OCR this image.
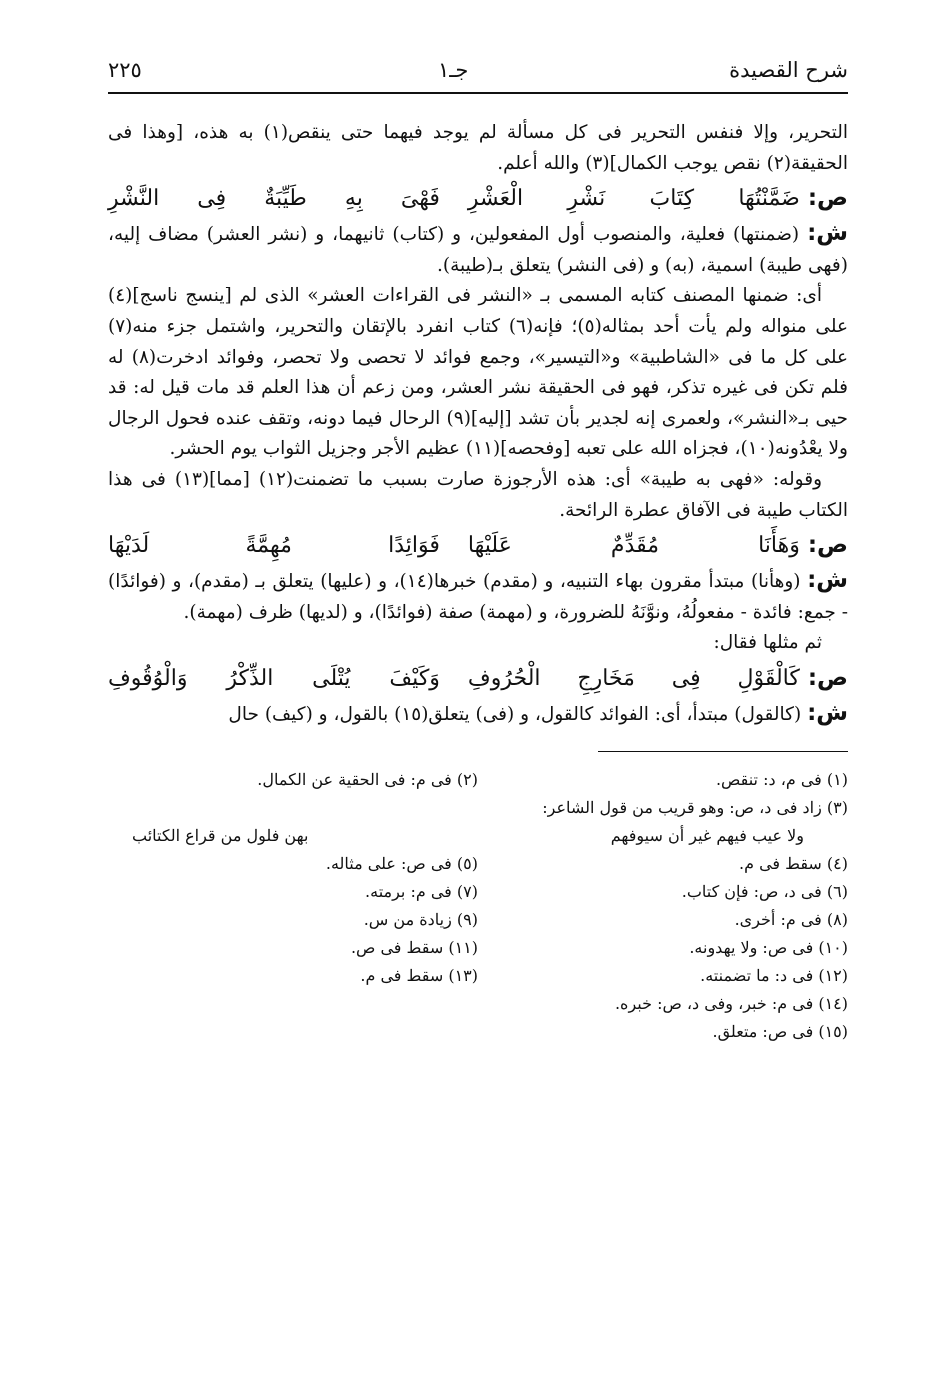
شرح القصيدة
جـ١
٢٢٥

التحرير، وإلا فنفس التحرير فى كل مسألة لم يوجد فيهما حتى ينقص(١) به هذه، [وهذا فى الحقيقة(٢) نقص يوجب الكمال](٣) والله أعلم.

ص:
ضَمَّنْتُهَا كِتَابَ نَشْرِ الْعَشْرِ
فَهْىَ بِهِ طَيِّبَةٌ فِى النَّشْرِ

ش: (ضمنتها) فعلية، والمنصوب أول المفعولين، و (كتاب) ثانيهما، و (نشر العشر) مضاف إليه، (فهى طيبة) اسمية، (به) و (فى النشر) يتعلق بـ(طيبة).

أى: ضمنها المصنف كتابه المسمى بـ «النشر فى القراءات العشر» الذى لم [ينسج ناسج](٤) على منواله ولم يأت أحد بمثاله(٥)؛ فإنه(٦) كتاب انفرد بالإتقان والتحرير، واشتمل جزء منه(٧) على كل ما فى «الشاطبية» و«التيسير»، وجمع فوائد لا تحصى ولا تحصر، وفوائد ادخرت(٨) له فلم تكن فى غيره تذكر، فهو فى الحقيقة نشر العشر، ومن زعم أن هذا العلم قد مات قيل له: قد حيى بـ«النشر»، ولعمرى إنه لجدير بأن تشد [إليه](٩) الرحال فيما دونه، وتقف عنده فحول الرجال ولا يعْدُونه(١٠)، فجزاه الله على تعبه [وفحصه](١١) عظيم الأجر وجزيل الثواب يوم الحشر.

وقوله: «فهى به طيبة» أى: هذه الأرجوزة صارت بسبب ما تضمنت(١٢) [مما](١٣) فى هذا الكتاب طيبة فى الآفاق عطرة الرائحة.

ص:
وَهَأَنَا مُقَدِّمٌ عَلَيْهَا
فَوَائِدًا مُهِمَّةً لَدَيْهَا

ش: (وهأنا) مبتدأ مقرون بهاء التنبيه، و (مقدم) خبرها(١٤)، و (عليها) يتعلق بـ (مقدم)، و (فوائدًا) - جمع: فائدة - مفعولُهُ، ونوَّنَهُ للضرورة، و (مهمة) صفة (فوائدًا)، و (لديها) ظرف (مهمة).

ثم مثلها فقال:

ص:
كَالْقَوْلِ فِى مَخَارِجِ الْحُرُوفِ
وَكَيْفَ يُتْلَى الذِّكْرُ وَالْوُقُوفِ

ش: (كالقول) مبتدأ، أى: الفوائد كالقول، و (فى) يتعلق(١٥) بالقول، و (كيف) حال

(١) فى م، د: تنقص.
(٢) فى م: فى الحقية عن الكمال.
(٣) زاد فى د، ص: وهو قريب من قول الشاعر:
ولا عيب فيهم غير أن سيوفهم
بهن فلول من قراع الكتائب
(٤) سقط فى م.
(٥) فى ص: على مثاله.
(٦) فى د، ص: فإن كتاب.
(٧) فى م: برمته.
(٨) فى م: أخرى.
(٩) زيادة من س.
(١٠) فى ص: ولا يهدونه.
(١١) سقط فى ص.
(١٢) فى د: ما تضمنته.
(١٣) سقط فى م.
(١٤) فى م: خبر، وفى د، ص: خبره.
(١٥) فى ص: متعلق.
